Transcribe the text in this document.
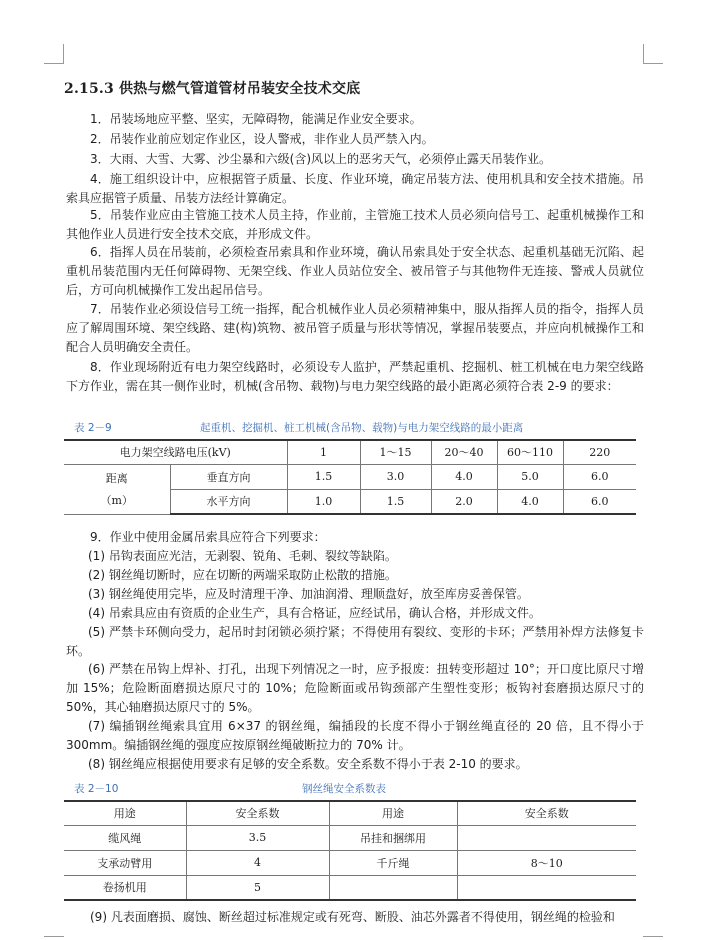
2.15.3 供热与燃气管道管材吊装安全技术交底

1．吊装场地应平整、坚实，无障碍物，能满足作业安全要求。

2．吊装作业前应划定作业区，设人警戒，非作业人员严禁入内。

3．大雨、大雪、大雾、沙尘暴和六级(含)风以上的恶劣天气，必须停止露天吊装作业。

4．施工组织设计中，应根据管子质量、长度、作业环境，确定吊装方法、使用机具和安全技术措施。吊索具应据管子质量、吊装方法经计算确定。

5．吊装作业应由主管施工技术人员主持，作业前，主管施工技术人员必须向信号工、起重机械操作工和其他作业人员进行安全技术交底，并形成文件。

6．指挥人员在吊装前，必须检查吊索具和作业环境，确认吊索具处于安全状态、起重机基础无沉陷、起重机吊装范围内无任何障碍物、无架空线、作业人员站位安全、被吊管子与其他物件无连接、警戒人员就位后，方可向机械操作工发出起吊信号。

7．吊装作业必须设信号工统一指挥，配合机械作业人员必须精神集中，服从指挥人员的指令，指挥人员应了解周围环境、架空线路、建(构)筑物、被吊管子质量与形状等情况，掌握吊装要点，并应向机械操作工和配合人员明确安全责任。

8．作业现场附近有电力架空线路时，必须设专人监护，严禁起重机、挖掘机、桩工机械在电力架空线路下方作业，需在其一侧作业时，机械(含吊物、载物)与电力架空线路的最小距离必须符合表 2-9 的要求：

表 2－9	起重机、挖掘机、桩工机械(含吊物、载物)与电力架空线路的最小距离
电力架空线路电压(kV)		1	1～15	20～40	60～110	220

距离
（m）	垂直方向	1.5	3.0	4.0	5.0	6.0
	水平方向	1.0	1.5	2.0	4.0	6.0

9．作业中使用金属吊索具应符合下列要求：

(1) 吊钩表面应光洁，无剥裂、锐角、毛刺、裂纹等缺陷。

(2) 钢丝绳切断时，应在切断的两端采取防止松散的措施。

(3) 钢丝绳使用完毕，应及时清理干净、加油润滑、理顺盘好，放至库房妥善保管。

(4) 吊索具应由有资质的企业生产，具有合格证，应经试吊，确认合格，并形成文件。

(5) 严禁卡环侧向受力，起吊时封闭锁必须拧紧；不得使用有裂纹、变形的卡环；严禁用补焊方法修复卡环。

(6) 严禁在吊钩上焊补、打孔，出现下列情况之一时，应予报废：扭转变形超过 10°；开口度比原尺寸增加 15%；危险断面磨损达原尺寸的 10%；危险断面或吊钩颈部产生塑性变形；板钩衬套磨损达原尺寸的 50%，其心轴磨损达原尺寸的 5%。

(7) 编插钢丝绳索具宜用 6×37 的钢丝绳，编插段的长度不得小于钢丝绳直径的 20 倍，且不得小于 300mm。编插钢丝绳的强度应按原钢丝绳破断拉力的 70% 计。

(8) 钢丝绳应根据使用要求有足够的安全系数。安全系数不得小于表 2-10 的要求。

表 2－10	钢丝绳安全系数表
用途	安全系数	用途	安全系数
缆风绳	3.5	吊挂和捆绑用	
支承动臂用	4	千斤绳	8～10
卷扬机用	5		

(9) 凡表面磨损、腐蚀、断丝超过标准规定或有死弯、断股、油芯外露者不得使用，钢丝绳的检验和
